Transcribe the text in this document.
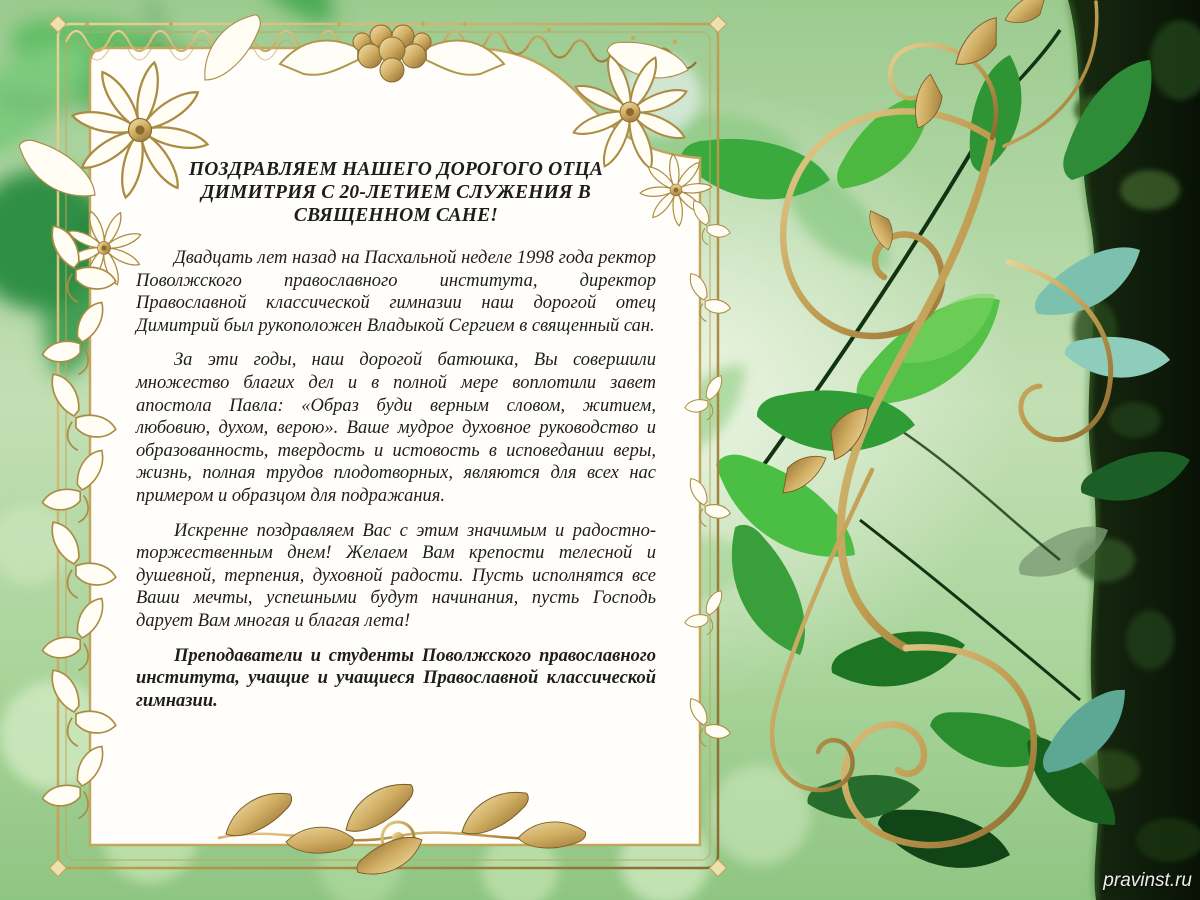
ПОЗДРАВЛЯЕМ НАШЕГО ДОРОГОГО ОТЦА ДИМИТРИЯ С 20-ЛЕТИЕМ СЛУЖЕНИЯ В СВЯЩЕННОМ САНЕ!

Двадцать лет назад на Пасхальной неделе 1998 года ректор Поволжского православного института, директор Православной классической гимназии наш дорогой отец Димитрий был рукоположен Владыкой Сергием в священный сан.

За эти годы, наш дорогой батюшка, Вы совершили множество благих дел и в полной мере воплотили завет апостола Павла: «Образ буди верным словом, житием, любовию, духом, верою». Ваше мудрое духовное руководство и образованность, твердость и истовость в исповедании веры, жизнь, полная трудов плодотворных, являются для всех нас примером и образцом для подражания.

Искренне поздравляем Вас с этим значимым и радостно-торжественным днем! Желаем Вам крепости телесной и душевной, терпения, духовной радости. Пусть исполнятся все Ваши мечты, успешными будут начинания, пусть Господь дарует Вам многая и благая лета!

Преподаватели и студенты Поволжского православного института, учащие и учащиеся Православной классической гимназии.

pravinst.ru
